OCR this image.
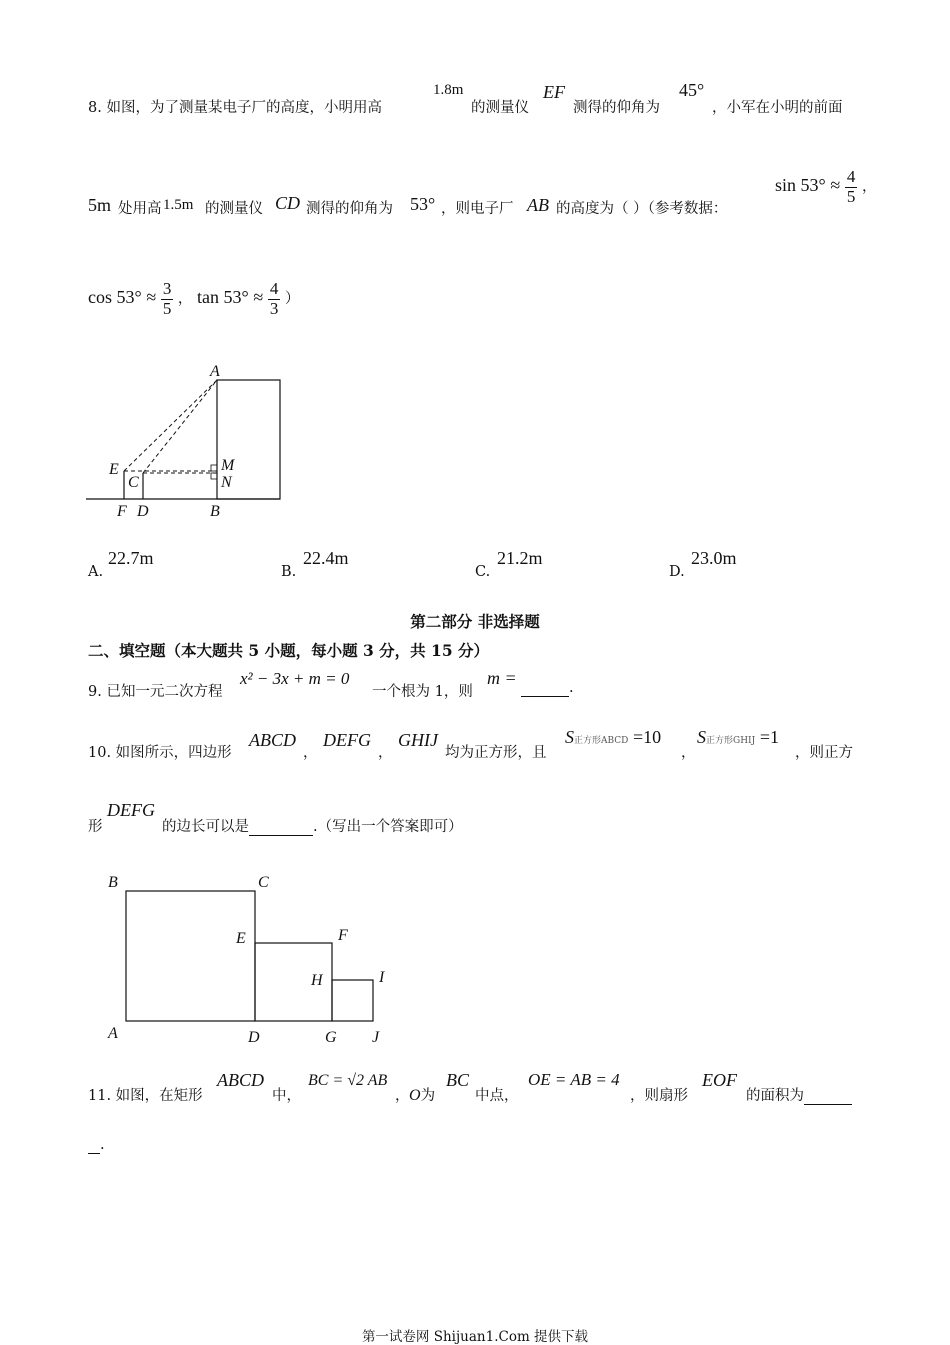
8. 如图，为了测量某电子厂的高度，小明用高
1.8m
的测量仪
EF
测得的仰角为
45°
，小军在小明的前面
5m 处用高 1.5m 的测量仪 CD 测得的仰角为 53° ，则电子厂 AB 的高度为（ ）（参考数据：
$\sin 53^\circ \approx \frac{4}{5}$ ，
$\cos 53^\circ \approx \frac{3}{5}$ ， $\tan 53^\circ \approx \frac{4}{3}$ ）
A
E
C
M
N
F D	B
A.
22.7m
B.
22.4m
C.
21.2m
D.
23.0m
第二部分 非选择题
二、填空题（本大题共 5 小题，每小题 3 分，共 15 分）
9. 已知一元二次方程
x² − 3x + m = 0
一个根为 1，则
m =	.
10. 如图所示，四边形
ABCD
，
DEFG
，
GHIJ
均为正方形，且
S正方形ABCD =10
，
S正方形GHIJ =1
，则正方
形
DEFG
的边长可以是	.（写出一个答案即可）
B	C
E	F
H	I
A	D	G J
11. 如图，在矩形
ABCD
中，
BC = √2 AB
， O为
BC
中点，
OE = AB = 4
，则扇形
EOF
的面积为
.
第一试卷网 Shijuan1.Com 提供下载
